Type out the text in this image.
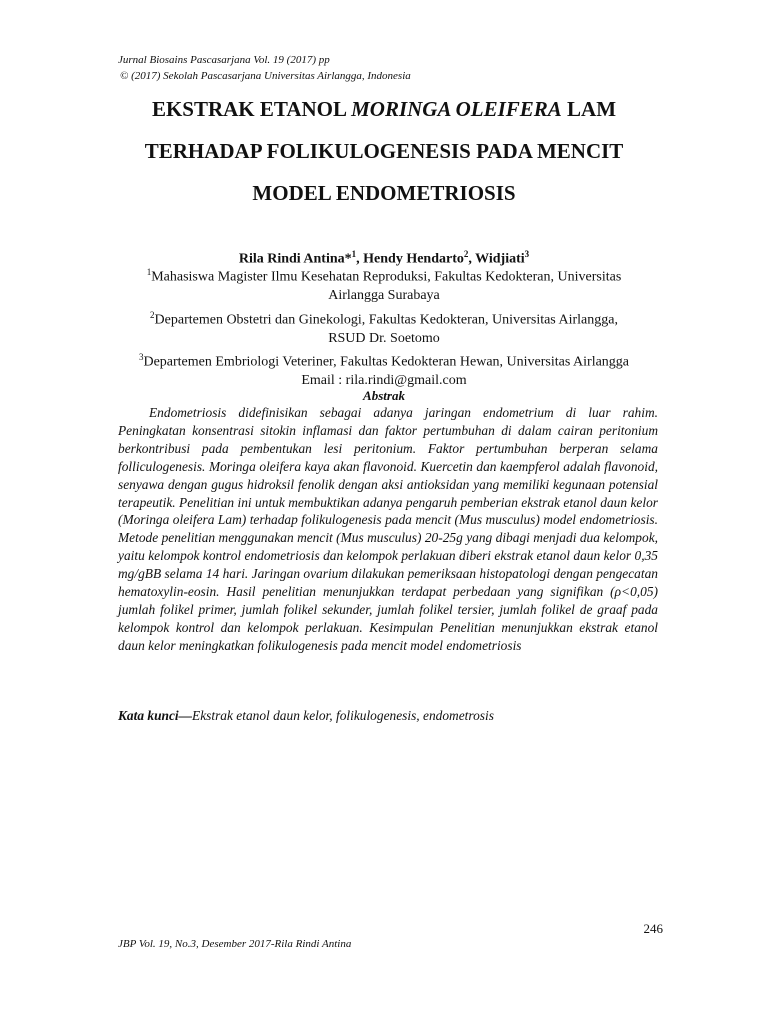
Jurnal Biosains Pascasarjana Vol. 19 (2017) pp
© (2017) Sekolah Pascasarjana Universitas Airlangga, Indonesia
EKSTRAK ETANOL MORINGA OLEIFERA LAM
TERHADAP FOLIKULOGENESIS PADA MENCIT
MODEL ENDOMETRIOSIS
Rila Rindi Antina*$^1$, Hendy Hendarto$^2$, Widjiati$^3$
$^1$Mahasiswa Magister Ilmu Kesehatan Reproduksi, Fakultas Kedokteran, Universitas
Airlangga Surabaya
$^2$Departemen Obstetri dan Ginekologi, Fakultas Kedokteran, Universitas Airlangga,
RSUD Dr. Soetomo
$^3$Departemen Embriologi Veteriner, Fakultas Kedokteran Hewan, Universitas Airlangga
Email : rila.rindi@gmail.com
Abstrak
Endometriosis didefinisikan sebagai adanya jaringan endometrium di luar rahim. Peningkatan konsentrasi sitokin inflamasi dan faktor pertumbuhan di dalam cairan peritonium berkontribusi pada pembentukan lesi peritonium. Faktor pertumbuhan berperan selama folliculogenesis. Moringa oleifera kaya akan flavonoid. Kuercetin dan kaempferol adalah flavonoid, senyawa dengan gugus hidroksil fenolik dengan aksi antioksidan yang memiliki kegunaan potensial terapeutik. Penelitian ini untuk membuktikan adanya pengaruh pemberian ekstrak etanol daun kelor (Moringa oleifera Lam) terhadap folikulogenesis pada mencit (Mus musculus) model endometriosis. Metode penelitian menggunakan mencit (Mus musculus) 20-25g yang dibagi menjadi dua kelompok, yaitu kelompok kontrol endometriosis dan kelompok perlakuan diberi ekstrak etanol daun kelor 0,35 mg/gBB selama 14 hari. Jaringan ovarium dilakukan pemeriksaan histopatologi dengan pengecatan hematoxylin-eosin. Hasil penelitian menunjukkan terdapat perbedaan yang signifikan (ρ<0,05) jumlah folikel primer, jumlah folikel sekunder, jumlah folikel tersier, jumlah folikel de graaf pada kelompok kontrol dan kelompok perlakuan. Kesimpulan Penelitian menunjukkan ekstrak etanol daun kelor meningkatkan folikulogenesis pada mencit model endometriosis
Kata kunci—Ekstrak etanol daun kelor, folikulogenesis, endometrosis
246
JBP Vol. 19, No.3, Desember 2017-Rila Rindi Antina
